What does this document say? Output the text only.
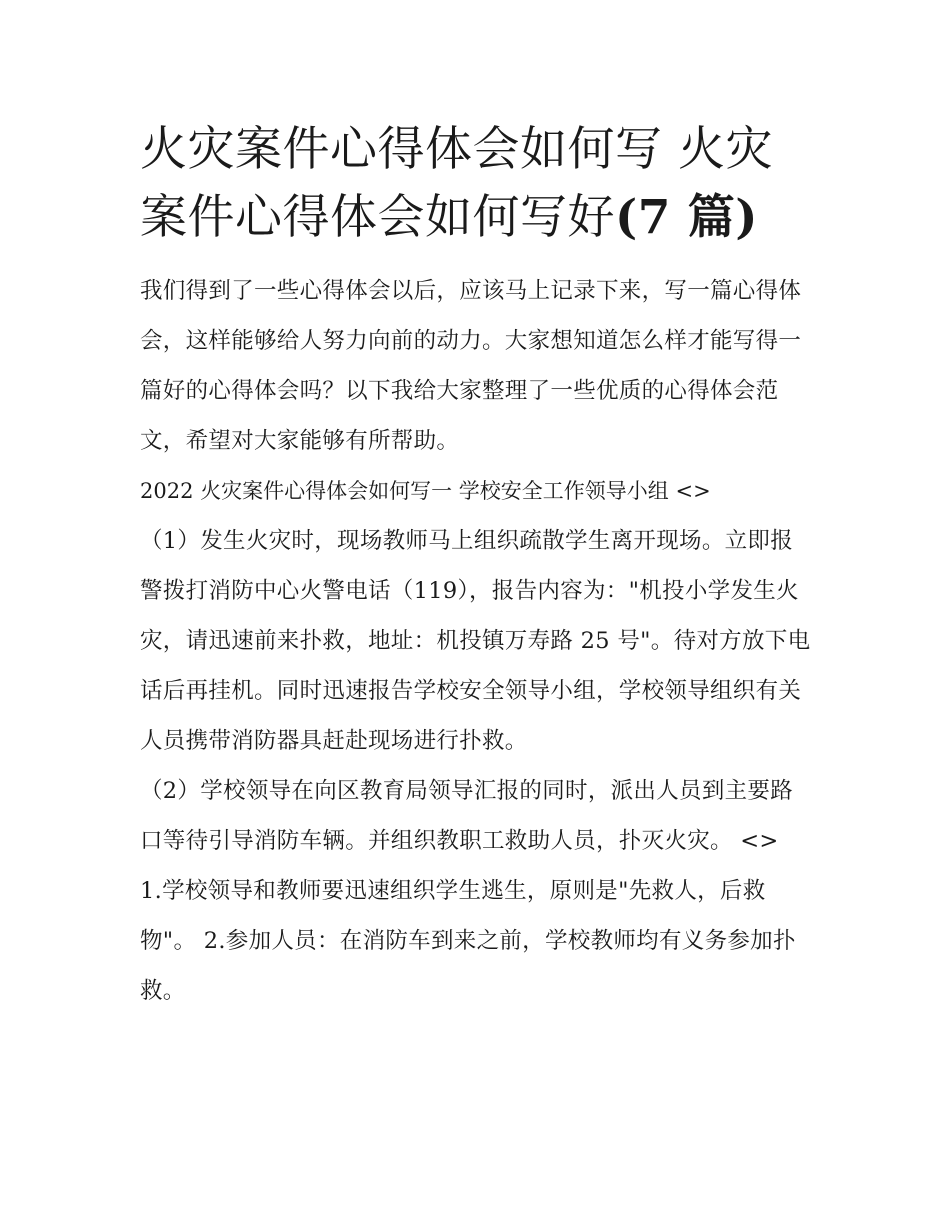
火灾案件心得体会如何写 火灾案件心得体会如何写好(7 篇)

我们得到了一些心得体会以后，应该马上记录下来，写一篇心得体会，这样能够给人努力向前的动力。大家想知道怎么样才能写得一篇好的心得体会吗？以下我给大家整理了一些优质的心得体会范文，希望对大家能够有所帮助。

2022 火灾案件心得体会如何写一 学校安全工作领导小组 <>

（1）发生火灾时，现场教师马上组织疏散学生离开现场。立即报警拨打消防中心火警电话（119），报告内容为："机投小学发生火灾，请迅速前来扑救，地址：机投镇万寿路 25 号"。待对方放下电话后再挂机。同时迅速报告学校安全领导小组，学校领导组织有关人员携带消防器具赶赴现场进行扑救。

（2）学校领导在向区教育局领导汇报的同时，派出人员到主要路口等待引导消防车辆。并组织教职工救助人员，扑灭火灾。 <>

1.学校领导和教师要迅速组织学生逃生，原则是"先救人，后救物"。 2.参加人员：在消防车到来之前，学校教师均有义务参加扑救。
